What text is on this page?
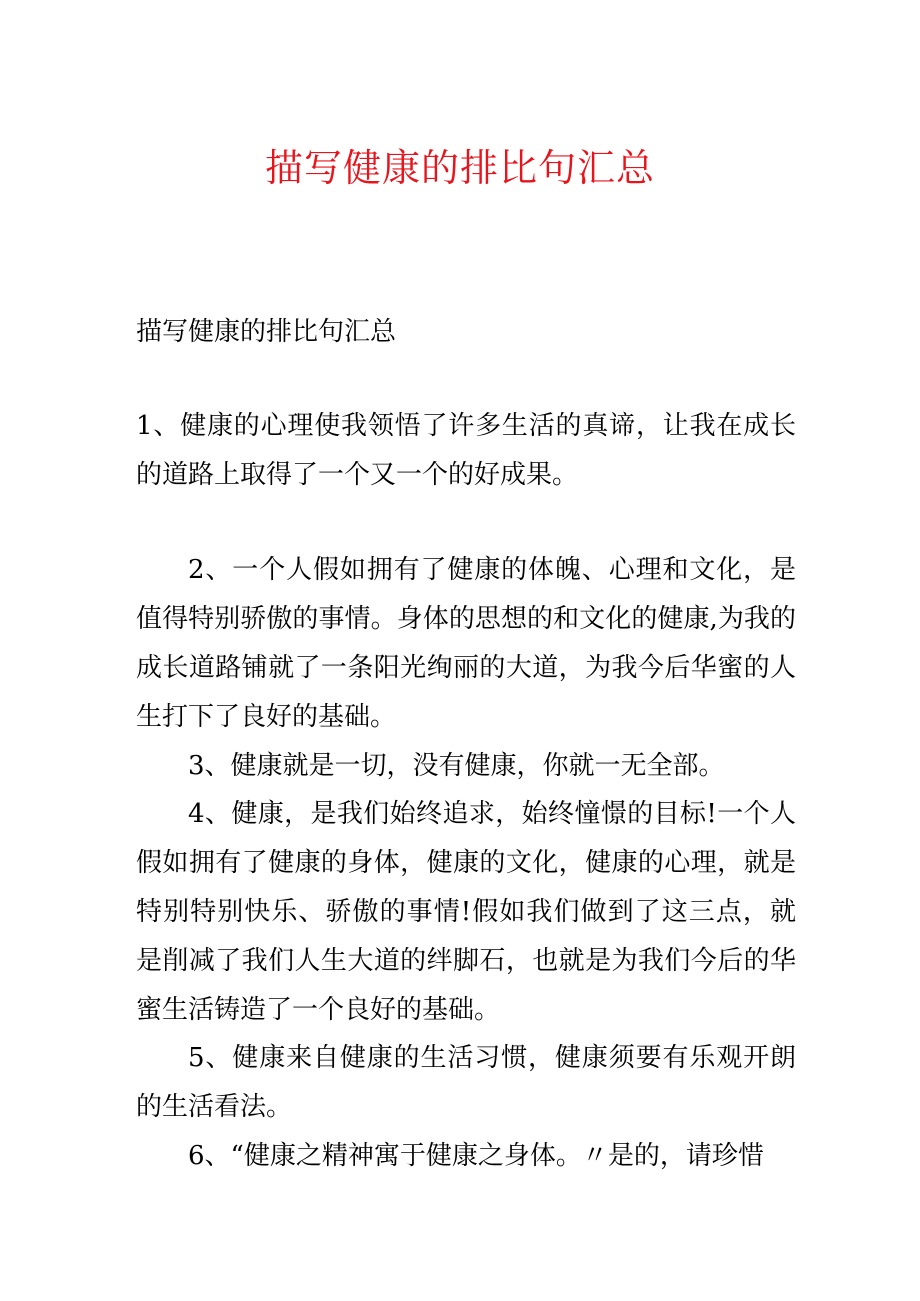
描写健康的排比句汇总
描写健康的排比句汇总

1、健康的心理使我领悟了许多生活的真谛，让我在成长的道路上取得了一个又一个的好成果。

2、一个人假如拥有了健康的体魄、心理和文化，是值得特别骄傲的事情。身体的思想的和文化的健康,为我的成长道路铺就了一条阳光绚丽的大道，为我今后华蜜的人生打下了良好的基础。

3、健康就是一切，没有健康，你就一无全部。

4、健康，是我们始终追求，始终憧憬的目标!一个人假如拥有了健康的身体，健康的文化，健康的心理，就是特别特别快乐、骄傲的事情!假如我们做到了这三点，就是削减了我们人生大道的绊脚石，也就是为我们今后的华蜜生活铸造了一个良好的基础。

5、健康来自健康的生活习惯，健康须要有乐观开朗的生活看法。

6、“健康之精神寓于健康之身体。〃是的，请珍惜
